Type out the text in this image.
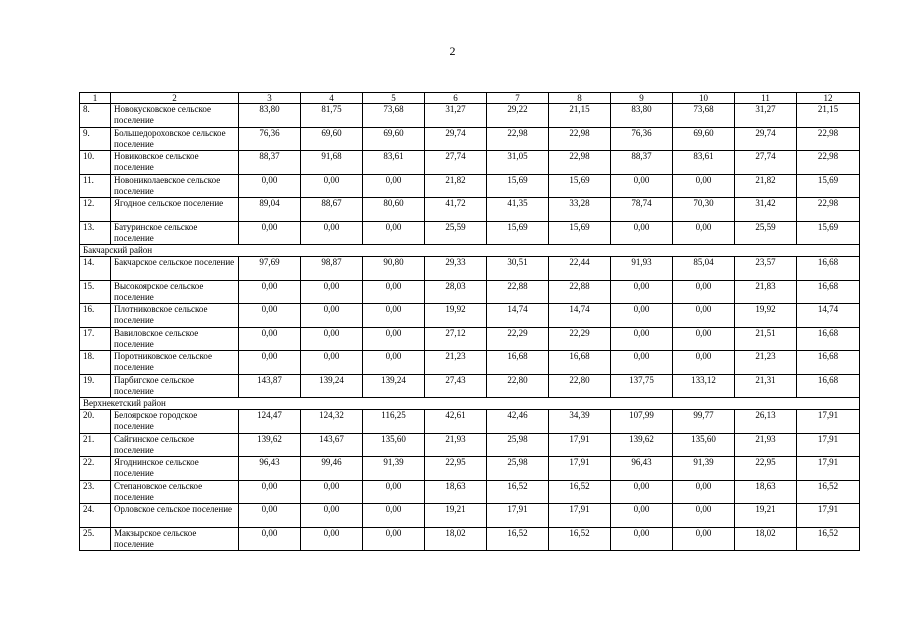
2
1	2	3	4	5	6	7	8	9	10	11	12
8.	Новокусковское сельское поселение	83,80	81,75	73,68	31,27	29,22	21,15	83,80	73,68	31,27	21,15
9.	Большедороховское сельское поселение	76,36	69,60	69,60	29,74	22,98	22,98	76,36	69,60	29,74	22,98
10.	Новиковское сельское поселение	88,37	91,68	83,61	27,74	31,05	22,98	88,37	83,61	27,74	22,98
11.	Новониколаевское сельское поселение	0,00	0,00	0,00	21,82	15,69	15,69	0,00	0,00	21,82	15,69
12.	Ягодное сельское поселение	89,04	88,67	80,60	41,72	41,35	33,28	78,74	70,30	31,42	22,98
13.	Батуринское сельское поселение	0,00	0,00	0,00	25,59	15,69	15,69	0,00	0,00	25,59	15,69
Бакчарский район											
14.	Бакчарское сельское поселение	97,69	98,87	90,80	29,33	30,51	22,44	91,93	85,04	23,57	16,68
15.	Высокоярское сельское поселение	0,00	0,00	0,00	28,03	22,88	22,88	0,00	0,00	21,83	16,68
16.	Плотниковское сельское поселение	0,00	0,00	0,00	19,92	14,74	14,74	0,00	0,00	19,92	14,74
17.	Вавиловское сельское поселение	0,00	0,00	0,00	27,12	22,29	22,29	0,00	0,00	21,51	16,68
18.	Поротниковское сельское поселение	0,00	0,00	0,00	21,23	16,68	16,68	0,00	0,00	21,23	16,68
19.	Парбигское сельское поселение	143,87	139,24	139,24	27,43	22,80	22,80	137,75	133,12	21,31	16,68
Верхнекетский район											
20.	Белоярское городское поселение	124,47	124,32	116,25	42,61	42,46	34,39	107,99	99,77	26,13	17,91
21.	Сайгинское сельское поселение	139,62	143,67	135,60	21,93	25,98	17,91	139,62	135,60	21,93	17,91
22.	Ягоднинское сельское поселение	96,43	99,46	91,39	22,95	25,98	17,91	96,43	91,39	22,95	17,91
23.	Степановское сельское поселение	0,00	0,00	0,00	18,63	16,52	16,52	0,00	0,00	18,63	16,52
24.	Орловское сельское поселение	0,00	0,00	0,00	19,21	17,91	17,91	0,00	0,00	19,21	17,91
25.	Макзырское сельское поселение	0,00	0,00	0,00	18,02	16,52	16,52	0,00	0,00	18,02	16,52
